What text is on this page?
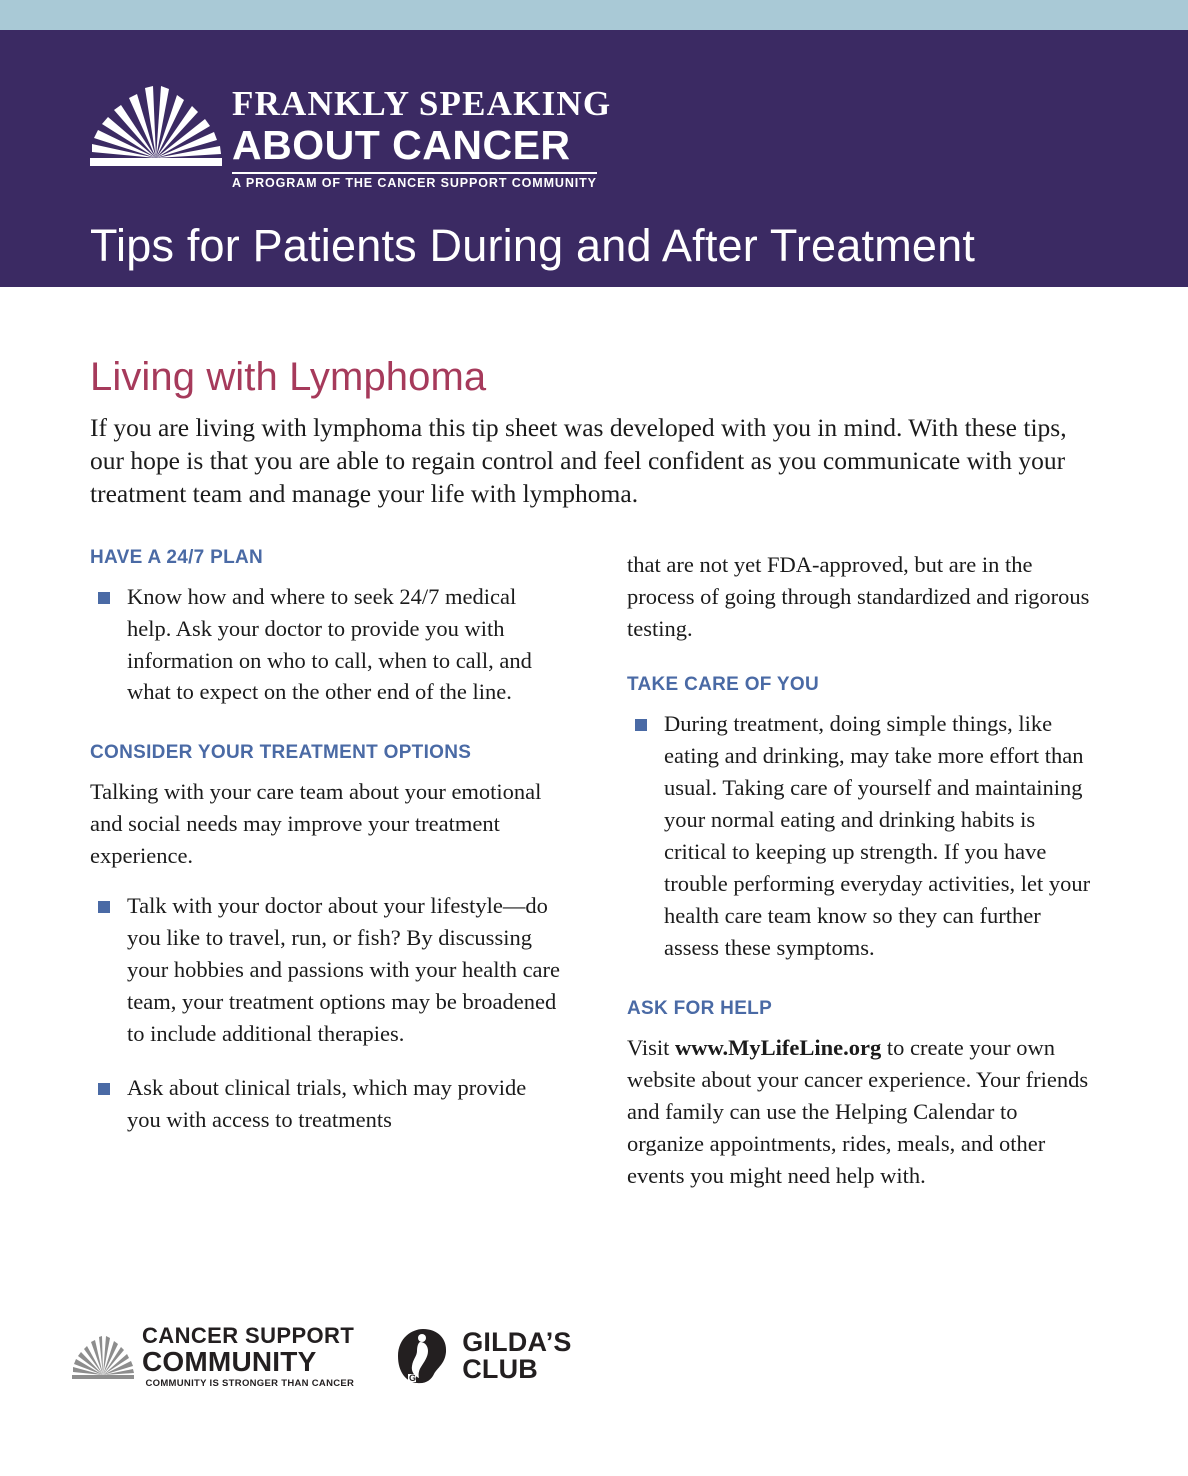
FRANKLY SPEAKING
ABOUT CANCER
A PROGRAM OF THE CANCER SUPPORT COMMUNITY
Tips for Patients During and After Treatment
Living with Lymphoma

If you are living with lymphoma this tip sheet was developed with you in mind. With these tips, our hope is that you are able to regain control and feel confident as you communicate with your treatment team and manage your life with lymphoma.

HAVE A 24/7 PLAN
Know how and where to seek 24/7 medical help. Ask your doctor to provide you with information on who to call, when to call, and what to expect on the other end of the line.
CONSIDER YOUR TREATMENT OPTIONS

Talking with your care team about your emotional and social needs may improve your treatment experience.

Talk with your doctor about your lifestyle—do you like to travel, run, or fish? By discussing your hobbies and passions with your health care team, your treatment options may be broadened to include additional therapies.
Ask about clinical trials, which may provide you with access to treatments

that are not yet FDA-approved, but are in the process of going through standardized and rigorous testing.

TAKE CARE OF YOU
During treatment, doing simple things, like eating and drinking, may take more effort than usual. Taking care of yourself and maintaining your normal eating and drinking habits is critical to keeping up strength. If you have trouble performing everyday activities, let your health care team know so they can further assess these symptoms.
ASK FOR HELP

Visit www.MyLifeLine.org to create your own website about your cancer experience. Your friends and family can use the Helping Calendar to organize appointments, rides, meals, and other events you might need help with.

CANCER SUPPORT
COMMUNITY
COMMUNITY IS STRONGER THAN CANCER	G
GILDA’S
CLUB
